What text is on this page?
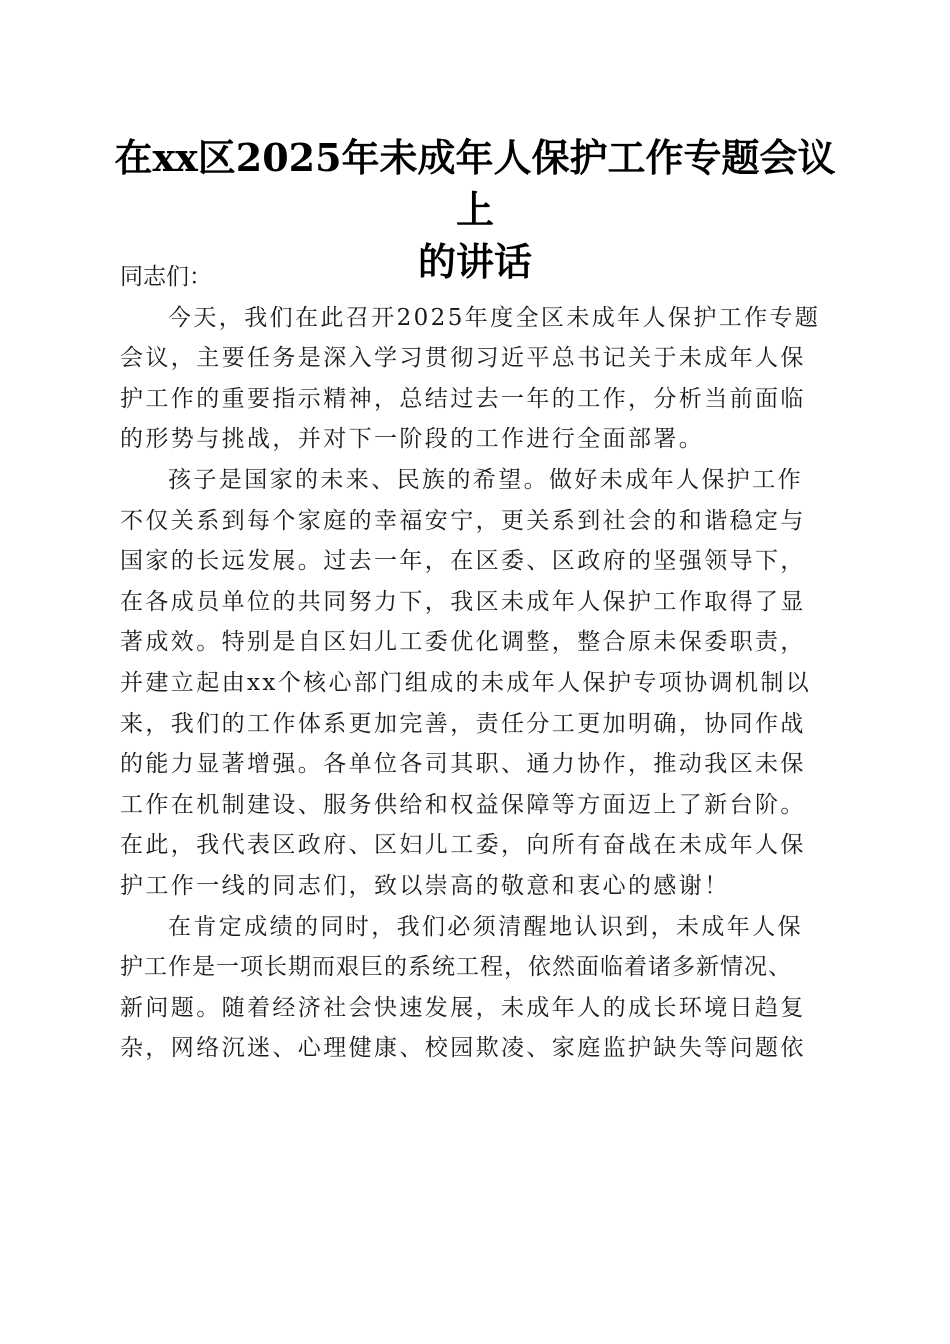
在xx区2025年未成年人保护工作专题会议上
的讲话
同志们：
今天，我们在此召开2025年度全区未成年人保护工作专题
会议，主要任务是深入学习贯彻习近平总书记关于未成年人保
护工作的重要指示精神，总结过去一年的工作，分析当前面临
的形势与挑战，并对下一阶段的工作进行全面部署。
孩子是国家的未来、民族的希望。做好未成年人保护工作
不仅关系到每个家庭的幸福安宁，更关系到社会的和谐稳定与
国家的长远发展。过去一年，在区委、区政府的坚强领导下，
在各成员单位的共同努力下，我区未成年人保护工作取得了显
著成效。特别是自区妇儿工委优化调整，整合原未保委职责，
并建立起由xx个核心部门组成的未成年人保护专项协调机制以
来，我们的工作体系更加完善，责任分工更加明确，协同作战
的能力显著增强。各单位各司其职、通力协作，推动我区未保
工作在机制建设、服务供给和权益保障等方面迈上了新台阶。
在此，我代表区政府、区妇儿工委，向所有奋战在未成年人保
护工作一线的同志们，致以崇高的敬意和衷心的感谢！
在肯定成绩的同时，我们必须清醒地认识到，未成年人保
护工作是一项长期而艰巨的系统工程，依然面临着诸多新情况、
新问题。随着经济社会快速发展，未成年人的成长环境日趋复
杂，网络沉迷、心理健康、校园欺凌、家庭监护缺失等问题依
